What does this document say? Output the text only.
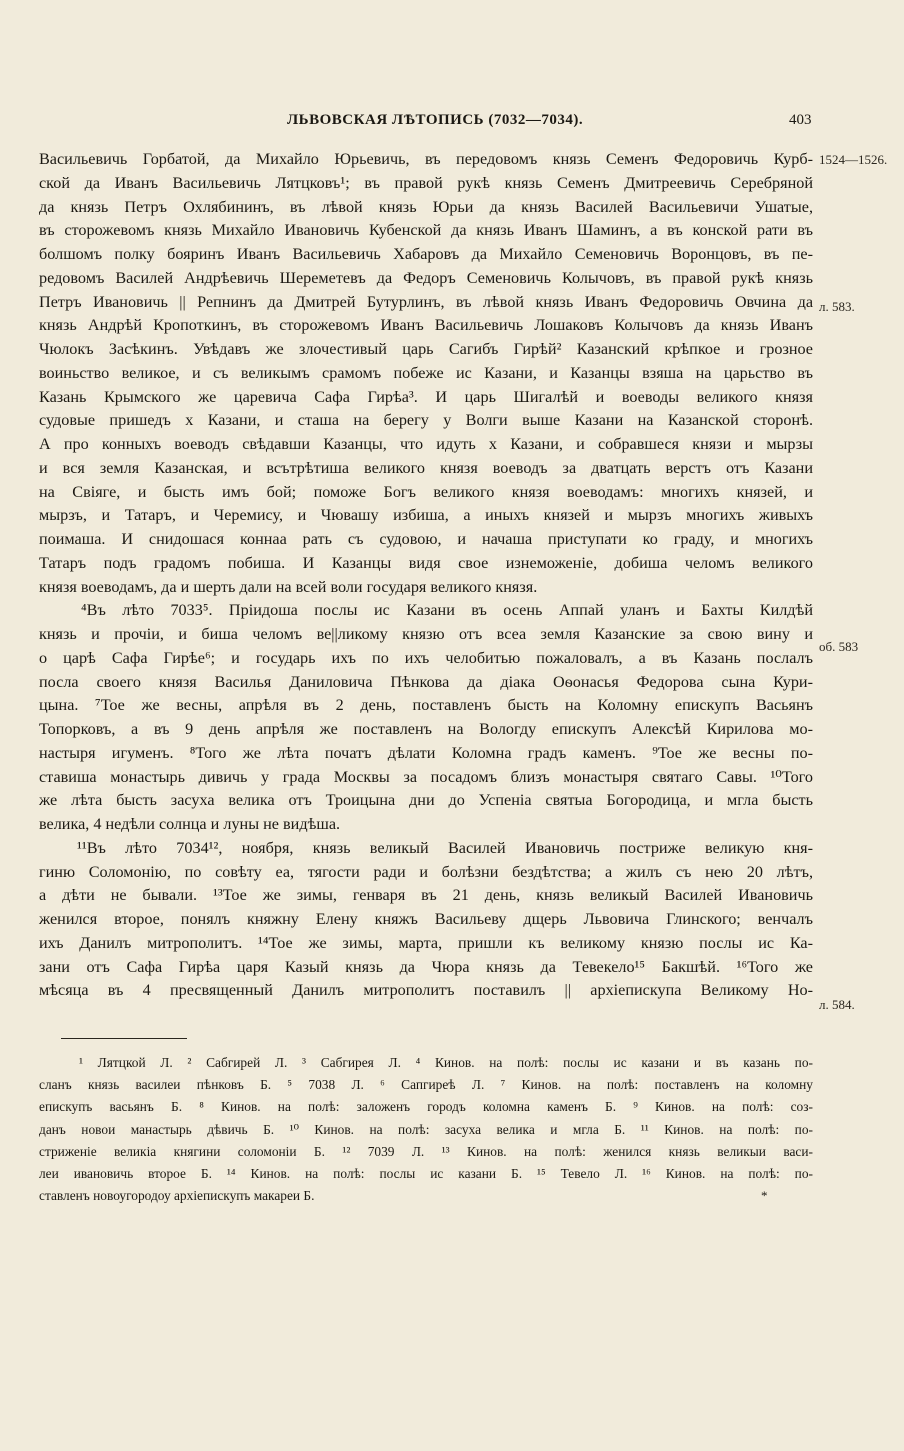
ЛЬВОВСКАЯ ЛѢТОПИСЬ (7032—7034).	403
1524—1526.
л. 583.
об. 583
л. 584.
Васильевичь Горбатой, да Михайло Юрьевичь, въ передовомъ князь Семенъ Федоровичь Курб-
ской да Иванъ Васильевичь Лятцковъ¹; въ правой рукѣ князь Семенъ Дмитреевичь Серебряной
да князь Петръ Охлябининъ, въ лѣвой князь Юрьи да князь Василей Васильевичи Ушатые,
въ сторожевомъ князь Михайло Ивановичь Кубенской да князь Иванъ Шаминъ, а въ конской рати въ
болшомъ полку бояринъ Иванъ Васильевичь Хабаровъ да Михайло Семеновичь Воронцовъ, въ пе-
редовомъ Василей Андрѣевичь Шереметевъ да Федоръ Семеновичь Колычовъ, въ правой рукѣ князь
Петръ Ивановичь || Репнинъ да Дмитрей Бутурлинъ, въ лѣвой князь Иванъ Федоровичь Овчина да
князь Андрѣй Кропоткинъ, въ сторожевомъ Иванъ Васильевичь Лошаковъ Колычовъ да князь Иванъ
Чюлокъ Засѣкинъ. Увѣдавъ же злочестивый царь Сагибъ Гирѣй² Казанский крѣпкое и грозное
воиньство великое, и съ великымъ срамомъ побеже ис Казани, и Казанцы взяша на царьство въ
Казань Крымского же царевича Сафа Гирѣа³. И царь Шигалѣй и воеводы великого князя
судовые пришедъ х Казани, и сташа на берегу у Волги выше Казани на Казанской сторонѣ.
А про конныхъ воеводъ свѣдавши Казанцы, что идуть х Казани, и собравшеся князи и мырзы
и вся земля Казанская, и всътрѣтиша великого князя воеводъ за дватцать верстъ отъ Казани
на Свіяге, и бысть имъ бой; поможе Богъ великого князя воеводамъ: многихъ князей, и
мырзъ, и Татаръ, и Черемису, и Чювашу избиша, а иныхъ князей и мырзъ многихъ живыхъ
поимаша. И снидошася коннаа рать съ судовою, и начаша приступати ко граду, и многихъ
Татаръ подъ градомъ побиша. И Казанцы видя свое изнеможеніе, добиша челомъ великого
князя воеводамъ, да и шерть дали на всей воли государя великого князя.
⁴Въ лѣто 7033⁵. Пріидоша послы ис Казани въ осень Аппай уланъ и Бахты Килдѣй
князь и прочіи, и биша челомъ ве||ликому князю отъ всеа земля Казанские за свою вину и
о царѣ Сафа Гирѣе⁶; и государь ихъ по ихъ челобитью пожаловалъ, а въ Казань послалъ
посла своего князя Василья Даниловича Пѣнкова да діака Оѳонасья Федорова сына Кури-
цына. ⁷Тое же весны, апрѣля въ 2 день, поставленъ бысть на Коломну епискупъ Васьянъ
Топорковъ, а въ 9 день апрѣля же поставленъ на Вологду епискупъ Алексѣй Кирилова мо-
настыря игуменъ. ⁸Того же лѣта початъ дѣлати Коломна градъ каменъ. ⁹Тое же весны по-
ставиша монастырь дивичь у града Москвы за посадомъ близъ монастыря святаго Савы. ¹⁰Того
же лѣта бысть засуха велика отъ Троицына дни до Успеніа святыа Богородица, и мгла бысть
велика, 4 недѣли солнца и луны не видѣша.
¹¹Въ лѣто 7034¹², ноября, князь великый Василей Ивановичь постриже великую кня-
гиню Соломонію, по совѣту еа, тягости ради и болѣзни бездѣтства; а жилъ съ нею 20 лѣтъ,
а дѣти не бывали. ¹³Тое же зимы, генваря въ 21 день, князь великый Василей Ивановичь
женился второе, понялъ княжну Елену княжъ Васильеву дщерь Львовича Глинского; венчалъ
ихъ Данилъ митрополитъ. ¹⁴Тое же зимы, марта, пришли къ великому князю послы ис Ка-
зани отъ Сафа Гирѣа царя Казый князь да Чюра князь да Тевекело¹⁵ Бакшѣй. ¹⁶Того же
мѣсяца въ 4 пресвященный Данилъ митрополитъ поставилъ || архіепискупа Великому Но-
¹ Лятцкой Л. ² Сабгирей Л. ³ Сабгирея Л. ⁴ Кинов. на полѣ: послы ис казани и въ казань по-
сланъ князь василеи пѣнковъ Б. ⁵ 7038 Л. ⁶ Сапгиреѣ Л. ⁷ Кинов. на полѣ: поставленъ на коломну
епискупъ васьянъ Б. ⁸ Кинов. на полѣ: заложенъ городъ коломна каменъ Б. ⁹ Кинов. на полѣ: соз-
данъ новои манастырь дѣвичь Б. ¹⁰ Кинов. на полѣ: засуха велика и мгла Б. ¹¹ Кинов. на полѣ: по-
стриженіе великіа княгини соломоніи Б. ¹² 7039 Л. ¹³ Кинов. на полѣ: женился князь великыи васи-
леи ивановичь второе Б. ¹⁴ Кинов. на полѣ: послы ис казани Б. ¹⁵ Тевело Л. ¹⁶ Кинов. на полѣ: по-
ставленъ новоугородоу архіепискупъ макареи Б.	*
